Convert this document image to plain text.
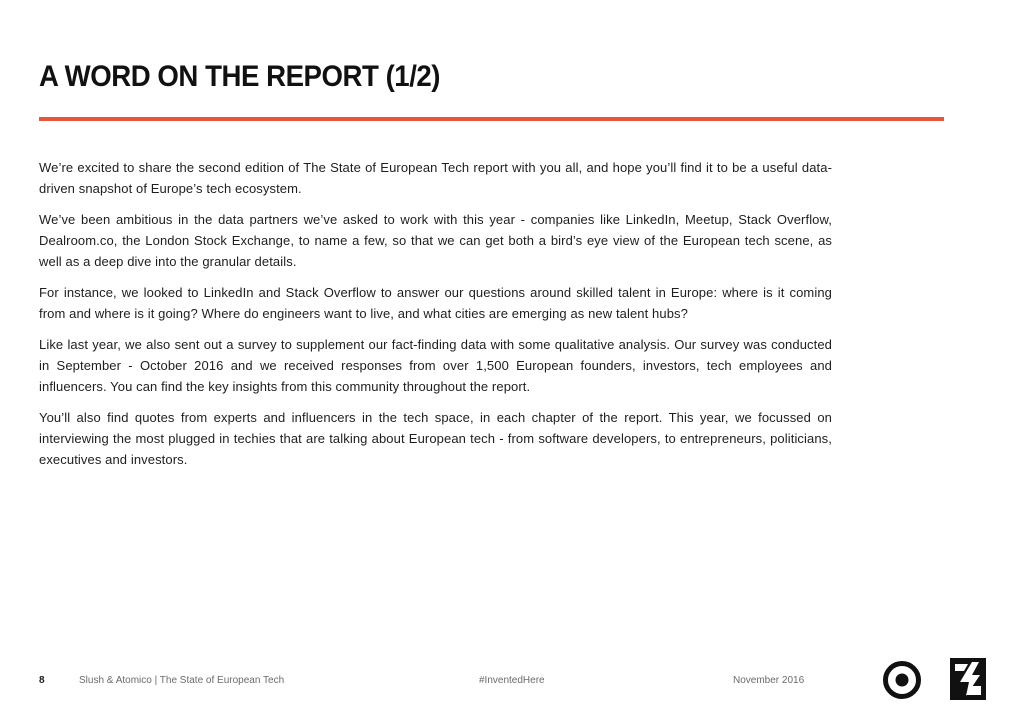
A WORD ON THE REPORT (1/2)

We’re excited to share the second edition of The State of European Tech report with you all, and hope you’ll find it to be a useful data-driven snapshot of Europe’s tech ecosystem.

We’ve been ambitious in the data partners we’ve asked to work with this year - companies like LinkedIn, Meetup, Stack Overflow, Dealroom.co, the London Stock Exchange, to name a few, so that we can get both a bird’s eye view of the European tech scene, as well as a deep dive into the granular details.

For instance, we looked to LinkedIn and Stack Overflow to answer our questions around skilled talent in Europe: where is it coming from and where is it going? Where do engineers want to live, and what cities are emerging as new talent hubs?

Like last year, we also sent out a survey to supplement our fact-finding data with some qualitative analysis. Our survey was conducted in September - October 2016 and we received responses from over 1,500 European founders, investors, tech employees and influencers. You can find the key insights from this community throughout the report.

You’ll also find quotes from experts and influencers in the tech space, in each chapter of the report. This year, we focussed on interviewing the most plugged in techies that are talking about European tech - from software developers, to entrepreneurs, politicians, executives and investors.

8	Slush & Atomico | The State of European Tech	#InventedHere	November 2016
